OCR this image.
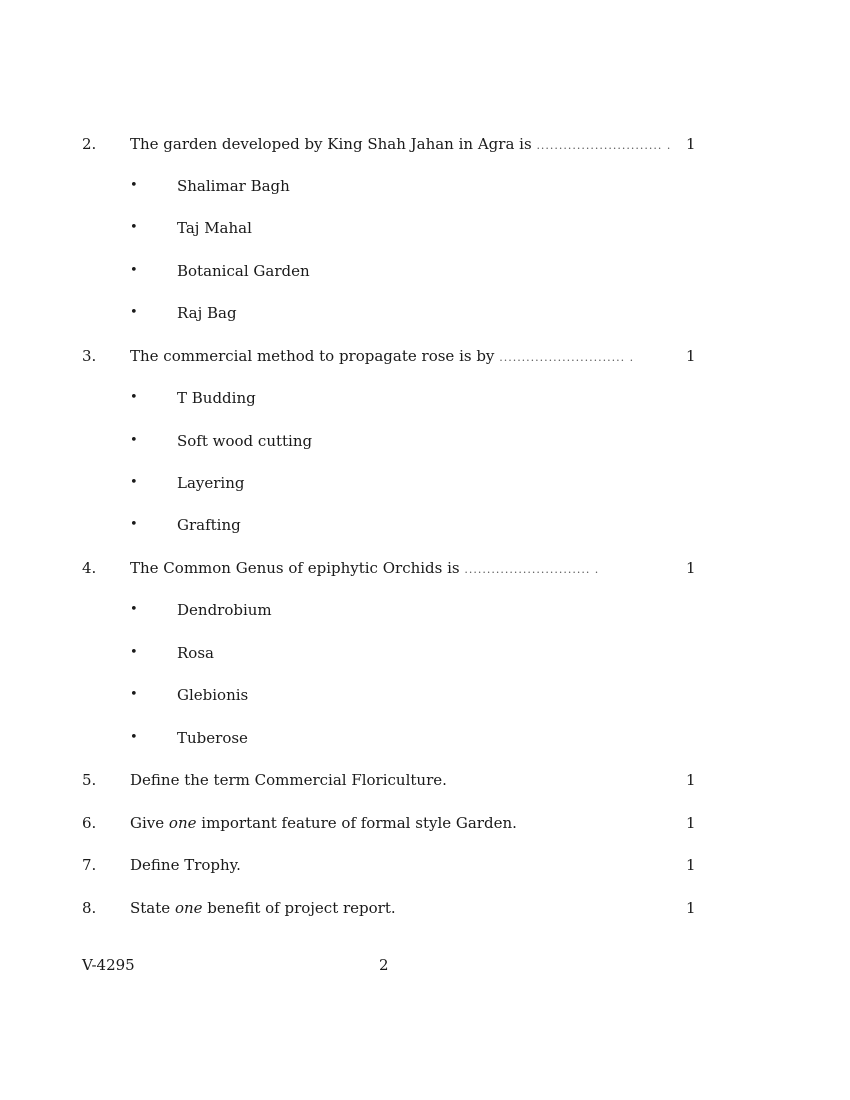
2. The garden developed by King Shah Jahan in Agra is ............................ . 1
•	Shalimar Bagh
•	Taj Mahal
•	Botanical Garden
•	Raj Bag
3. The commercial method to propagate rose is by ............................ .	1
•	T Budding
•	Soft wood cutting
•	Layering
•	Grafting
4. The Common Genus of epiphytic Orchids is ............................ .	1
•	Dendrobium
•	Rosa
•	Glebionis
•	Tuberose
5. Define the term Commercial Floriculture.	1
6. Give one important feature of formal style Garden.	1
7. Define Trophy.	1
8. State one benefit of project report.	1
V-4295	2
